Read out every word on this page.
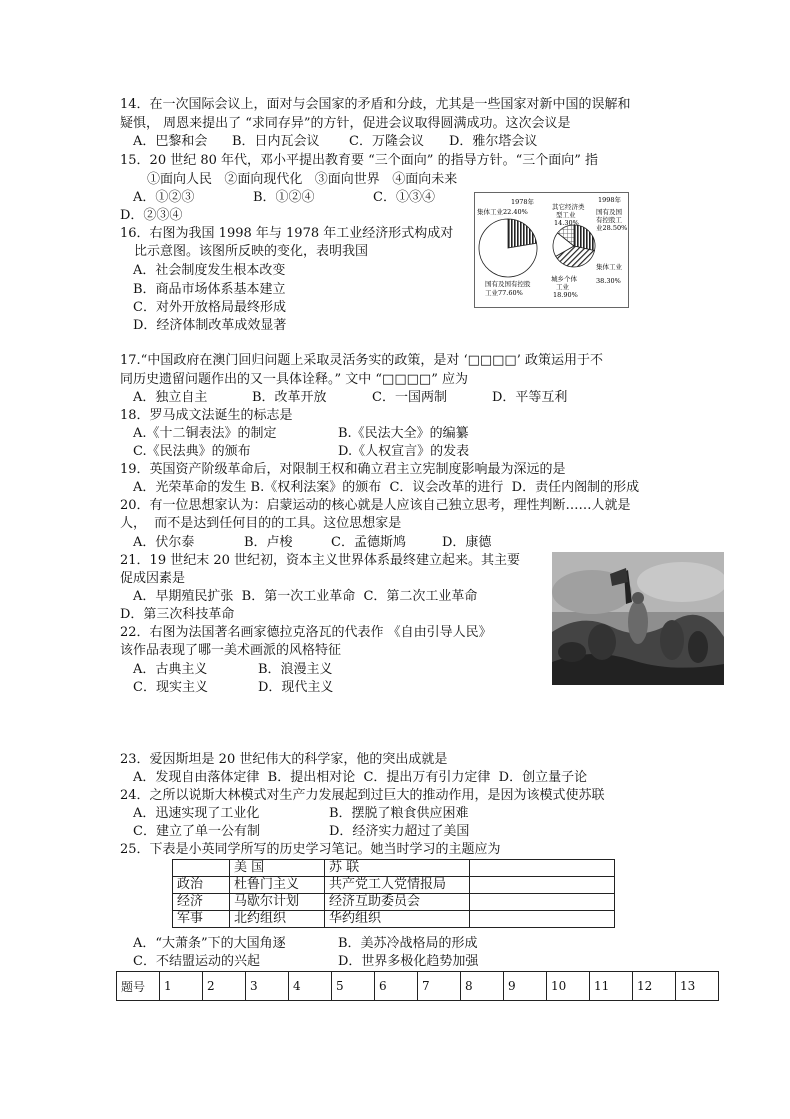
14．在一次国际会议上，面对与会国家的矛盾和分歧，尤其是一些国家对新中国的误解和
疑惧， 周恩来提出了 “求同存异”的方针，促进会议取得圆满成功。这次会议是
A．巴黎和会 B．日内瓦会议 C．万隆会议 D．雅尔塔会议
15．20 世纪 80 年代，邓小平提出教育要 “三个面向” 的指导方针。“三个面向” 指
①面向人民   ②面向现代化   ③面向世界   ④面向未来
A．①②③	B．①②④	C．①③④
D．②③④
16．右图为我国 1998 年与 1978 年工业经济形式构成对
比示意图。该图所反映的变化，表明我国
A．社会制度发生根本改变
B．商品市场体系基本建立
C．对外开放格局最终形成
D．经济体制改革成效显著
1978年
集体工业22.40%
国有及国有控股
工业77.60%
1998年
国有及国
有控股工
业28.50%
集体工业
38.30%
其它经济类
型工业
14.30%
城乡个体
工业
18.90%
17.“中国政府在澳门回归问题上采取灵活务实的政策，是对 ‘□□□□’ 政策运用于不
同历史遗留问题作出的又一具体诠释。” 文中 “□□□□” 应为
A．独立自主	B．改革开放	C．一国两制	D．平等互利
18．罗马成文法诞生的标志是
A.《十二铜表法》的制定	B.《民法大全》的编纂
C.《民法典》的颁布	D.《人权宣言》的发表
19．英国资产阶级革命后，对限制王权和确立君主立宪制度影响最为深远的是
A．光荣革命的发生 B.《权利法案》的颁布  C．议会改革的进行  D．责任内阁制的形成
20．有一位思想家认为：启蒙运动的核心就是人应该自己独立思考，理性判断……人就是
人，  而不是达到任何目的的工具。这位思想家是
A．伏尔泰	B．卢梭	C．孟德斯鸠	D．康德
21．19 世纪末 20 世纪初，资本主义世界体系最终建立起来。其主要
促成因素是
A．早期殖民扩张  B．第一次工业革命  C．第二次工业革命
D．第三次科技革命
22．右图为法国著名画家德拉克洛瓦的代表作 《自由引导人民》
该作品表现了哪一美术画派的风格特征
A．古典主义	B．浪漫主义
C．现实主义	D．现代主义
23．爱因斯坦是 20 世纪伟大的科学家，他的突出成就是
A．发现自由落体定律  B．提出相对论  C．提出万有引力定律  D．创立量子论
24．之所以说斯大林模式对生产力发展起到过巨大的推动作用，是因为该模式使苏联
A．迅速实现了工业化	B．摆脱了粮食供应困难
C．建立了单一公有制	D．经济实力超过了美国
25．下表是小英同学所写的历史学习笔记。她当时学习的主题应为
	美 国	苏 联	
政治	杜鲁门主义	共产党工人党情报局	
经济	马歇尔计划	经济互助委员会	
军事	北约组织	华约组织	
A．“大萧条”下的大国角逐	B．美苏冷战格局的形成
C．不结盟运动的兴起	D．世界多极化趋势加强
题号	1	2	3	4	5	6	7	8	9	10	11	12	13
